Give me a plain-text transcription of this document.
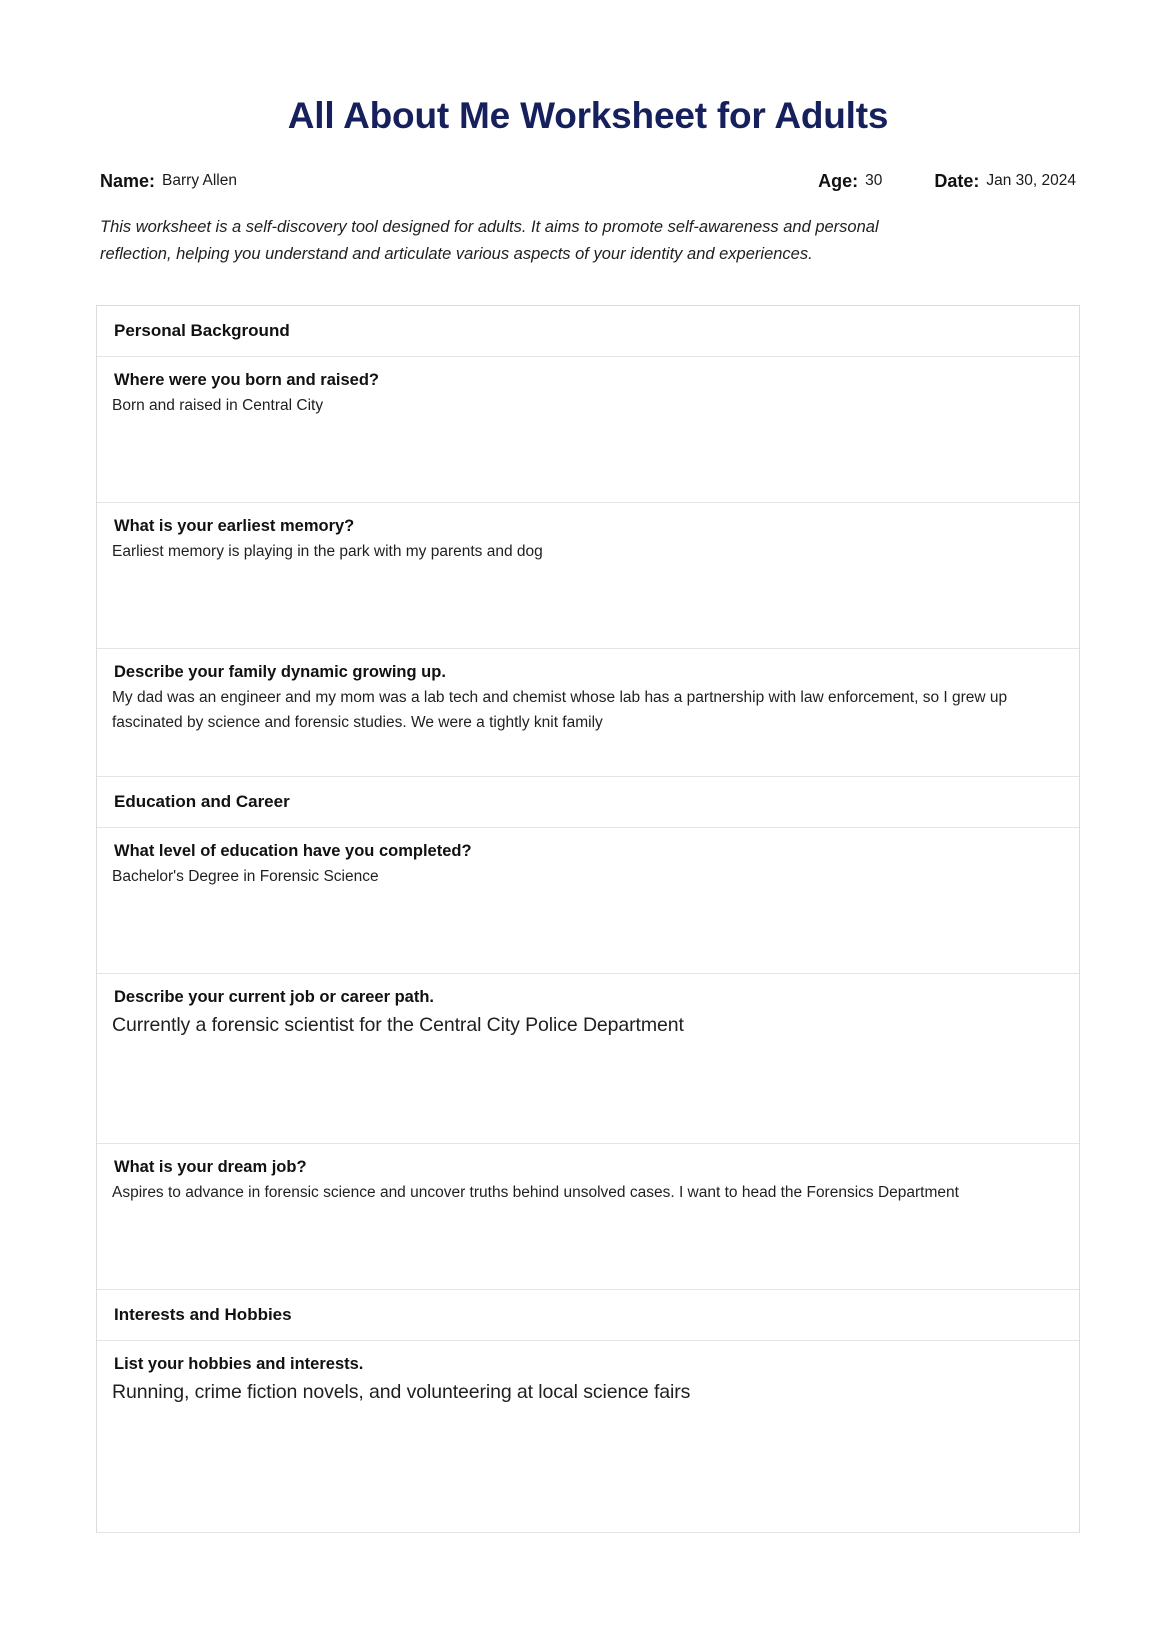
All About Me Worksheet for Adults
Name: Barry Allen	Age: 30	Date: Jan 30, 2024

This worksheet is a self-discovery tool designed for adults. It aims to promote self-awareness and personal reflection, helping you understand and articulate various aspects of your identity and experiences.

Personal Background
Where were you born and raised?
Born and raised in Central City
What is your earliest memory?
Earliest memory is playing in the park with my parents and dog
Describe your family dynamic growing up.
My dad was an engineer and my mom was a lab tech and chemist whose lab has a partnership with law enforcement, so I grew up fascinated by science and forensic studies. We were a tightly knit family
Education and Career
What level of education have you completed?
Bachelor's Degree in Forensic Science
Describe your current job or career path.
Currently a forensic scientist for the Central City Police Department
What is your dream job?
Aspires to advance in forensic science and uncover truths behind unsolved cases. I want to head the Forensics Department
Interests and Hobbies
List your hobbies and interests.
Running, crime fiction novels, and volunteering at local science fairs
